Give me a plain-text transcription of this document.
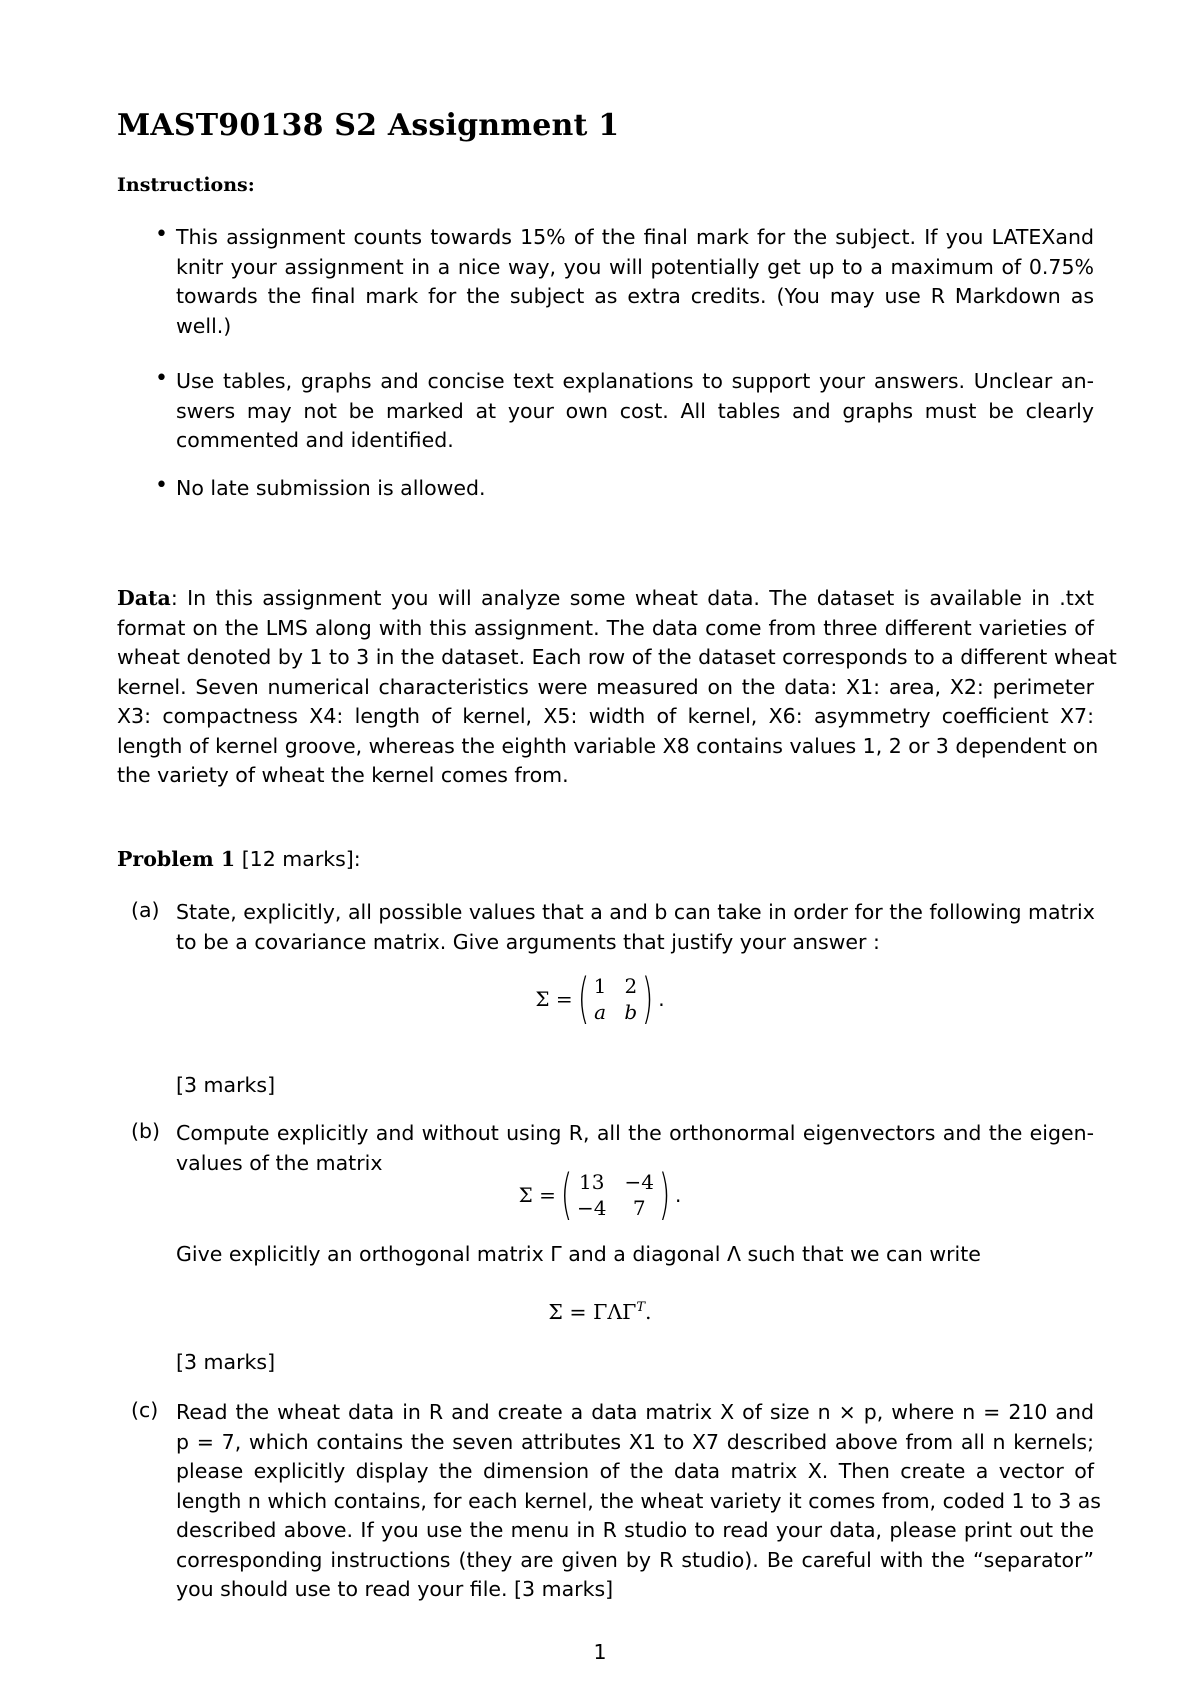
MAST90138 S2 Assignment 1
Instructions:
• This assignment counts towards 15% of the final mark for the subject. If you LATEXand
knitr your assignment in a nice way, you will potentially get up to a maximum of 0.75%
towards the final mark for the subject as extra credits. (You may use R Markdown as
well.)
• Use tables, graphs and concise text explanations to support your answers. Unclear an-
swers may not be marked at your own cost. All tables and graphs must be clearly
commented and identified.
• No late submission is allowed.
Data: In this assignment you will analyze some wheat data. The dataset is available in .txt
format on the LMS along with this assignment. The data come from three different varieties of
wheat denoted by 1 to 3 in the dataset. Each row of the dataset corresponds to a different wheat
kernel. Seven numerical characteristics were measured on the data: X1: area, X2: perimeter
X3: compactness X4: length of kernel, X5: width of kernel, X6: asymmetry coefficient X7:
length of kernel groove, whereas the eighth variable X8 contains values 1, 2 or 3 dependent on
the variety of wheat the kernel comes from.
Problem 1 [12 marks]:
(a) State, explicitly, all possible values that a and b can take in order for the following matrix
to be a covariance matrix. Give arguments that justify your answer :
Σ = ( 1 2
a b ) .
[3 marks]
(b) Compute explicitly and without using R, all the orthonormal eigenvectors and the eigen-
values of the matrix
Σ = ( 13 −4
−4	7 ) .
Give explicitly an orthogonal matrix Γ and a diagonal Λ such that we can write
$\Sigma = \Gamma\Lambda\Gamma^T$.
[3 marks]
(c) Read the wheat data in R and create a data matrix X of size n × p, where n = 210 and
p = 7, which contains the seven attributes X1 to X7 described above from all n kernels;
please explicitly display the dimension of the data matrix X. Then create a vector of
length n which contains, for each kernel, the wheat variety it comes from, coded 1 to 3 as
described above. If you use the menu in R studio to read your data, please print out the
corresponding instructions (they are given by R studio). Be careful with the “separator”
you should use to read your file. [3 marks]
1
